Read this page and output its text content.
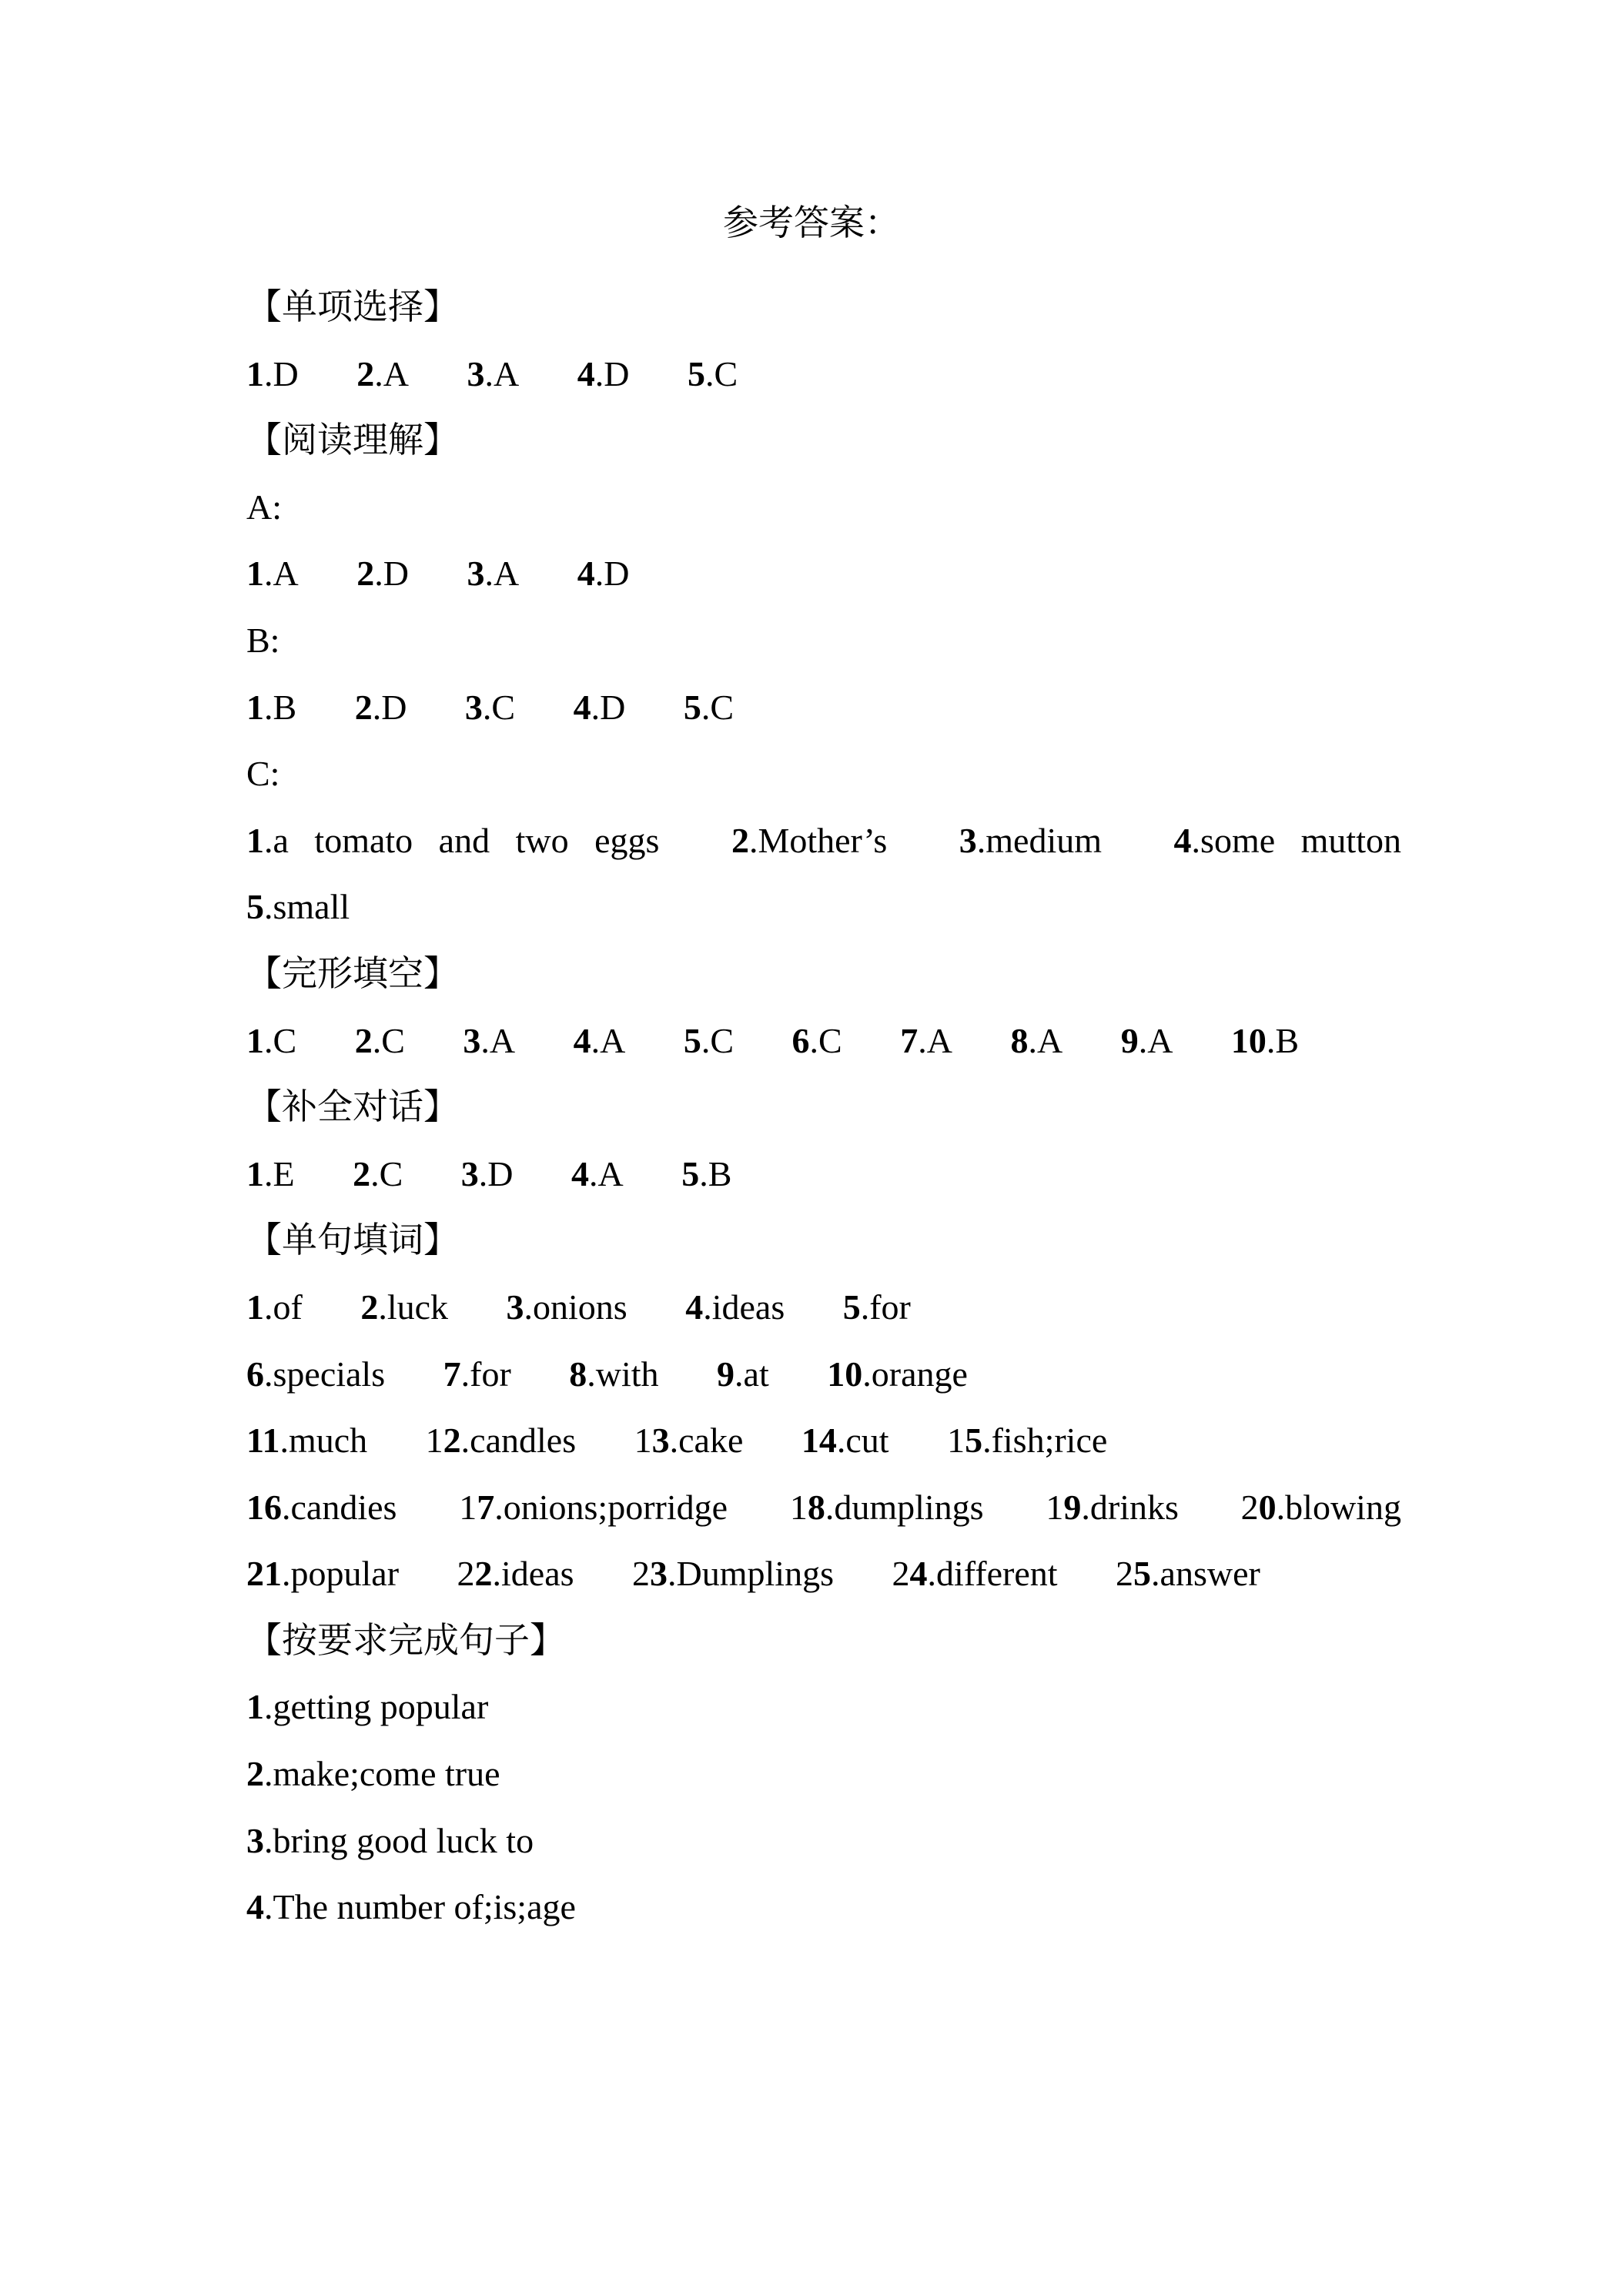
参考答案：
【单项选择】
1.D 2.A 3.A 4.D 5.C
【阅读理解】
A:
1.A 2.D 3.A 4.D
B:
1.B 2.D 3.C 4.D 5.C
C:
1.a tomato and two eggs 2.Mother’s 3.medium 4.some mutton
5.small
【完形填空】
1.C 2.C 3.A 4.A 5.C 6.C 7.A 8.A 9.A 10.B
【补全对话】
1.E 2.C 3.D 4.A 5.B
【单句填词】
1.of 2.luck 3.onions 4.ideas 5.for
6.specials 7.for 8.with 9.at 10.orange
11.much 12.candles 13.cake 14.cut 15.fish;rice
16.candies 17.onions;porridge 18.dumplings 19.drinks 20.blowing
21.popular 22.ideas 23.Dumplings 24.different 25.answer
【按要求完成句子】
1.getting popular
2.make;come true
3.bring good luck to
4.The number of;is;age
